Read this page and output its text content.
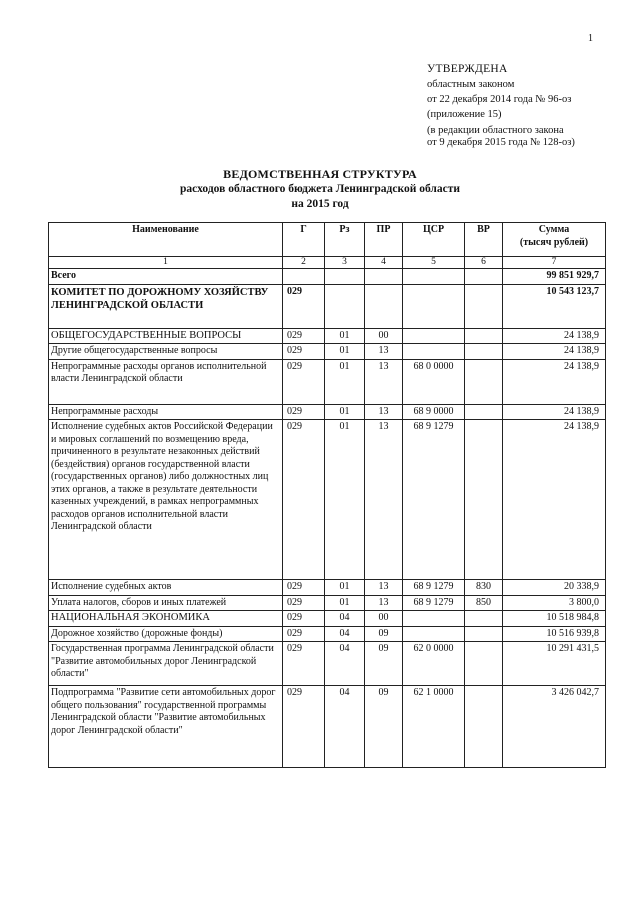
1
УТВЕРЖДЕНА
областным законом
от 22 декабря 2014 года № 96-оз
(приложение 15)
(в редакции областного закона
от 9 декабря 2015 года № 128-оз)
ВЕДОМСТВЕННАЯ СТРУКТУРА
расходов областного бюджета Ленинградской области
на 2015 год
Наименование	Г	Рз	ПР	ЦСР	ВР	Сумма
(тысяч рублей)

1	2	3	4	5	6	7
Всего						99 851 929,7
КОМИТЕТ ПО ДОРОЖНОМУ ХОЗЯЙСТВУ ЛЕНИНГРАДСКОЙ ОБЛАСТИ	029					10 543 123,7
ОБЩЕГОСУДАРСТВЕННЫЕ ВОПРОСЫ	029	01	00			24 138,9
Другие общегосударственные вопросы	029	01	13			24 138,9
Непрограммные расходы органов исполнительной власти Ленинградской области	029	01	13	68 0 0000		24 138,9
Непрограммные расходы	029	01	13	68 9 0000		24 138,9
Исполнение судебных актов Российской Федерации и мировых соглашений по возмещению вреда, причиненного в результате незаконных действий (бездействия) органов государственной власти (государственных органов) либо должностных лиц этих органов, а также в результате деятельности казенных учреждений, в рамках непрограммных расходов органов исполнительной власти Ленинградской области	029	01	13	68 9 1279		24 138,9
Исполнение судебных актов	029	01	13	68 9 1279	830	20 338,9
Уплата налогов, сборов и иных платежей	029	01	13	68 9 1279	850	3 800,0
НАЦИОНАЛЬНАЯ ЭКОНОМИКА	029	04	00			10 518 984,8
Дорожное хозяйство (дорожные фонды)	029	04	09			10 516 939,8
Государственная программа Ленинградской области "Развитие автомобильных дорог Ленинградской области"	029	04	09	62 0 0000		10 291 431,5
Подпрограмма "Развитие сети автомобильных дорог общего пользования" государственной программы Ленинградской области "Развитие автомобильных дорог Ленинградской области"	029	04	09	62 1 0000		3 426 042,7
